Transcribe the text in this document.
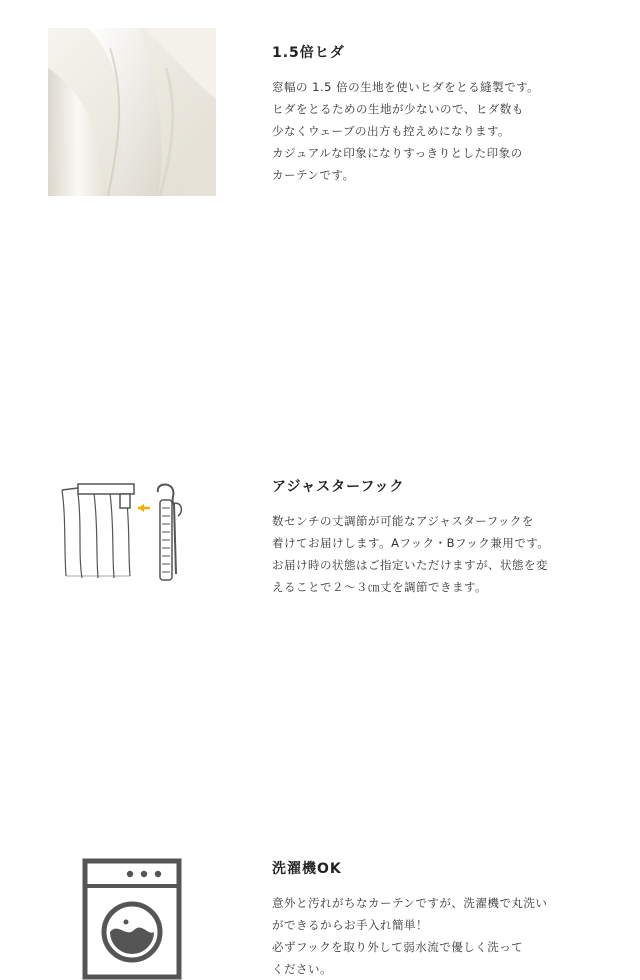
1.5倍ヒダ
窓幅の 1.5 倍の生地を使いヒダをとる縫製です。
ヒダをとるための生地が少ないので、ヒダ数も
少なくウェーブの出方も控えめになります。
カジュアルな印象になりすっきりとした印象の
カーテンです。
アジャスターフック
数センチの丈調節が可能なアジャスターフックを
着けてお届けします。Aフック・Bフック兼用です。
お届け時の状態はご指定いただけますが、状態を変
えることで２～３㎝丈を調節できます。
洗濯機OK
意外と汚れがちなカーテンですが、洗濯機で丸洗い
ができるからお手入れ簡単！
必ずフックを取り外して弱水流で優しく洗って
ください。
